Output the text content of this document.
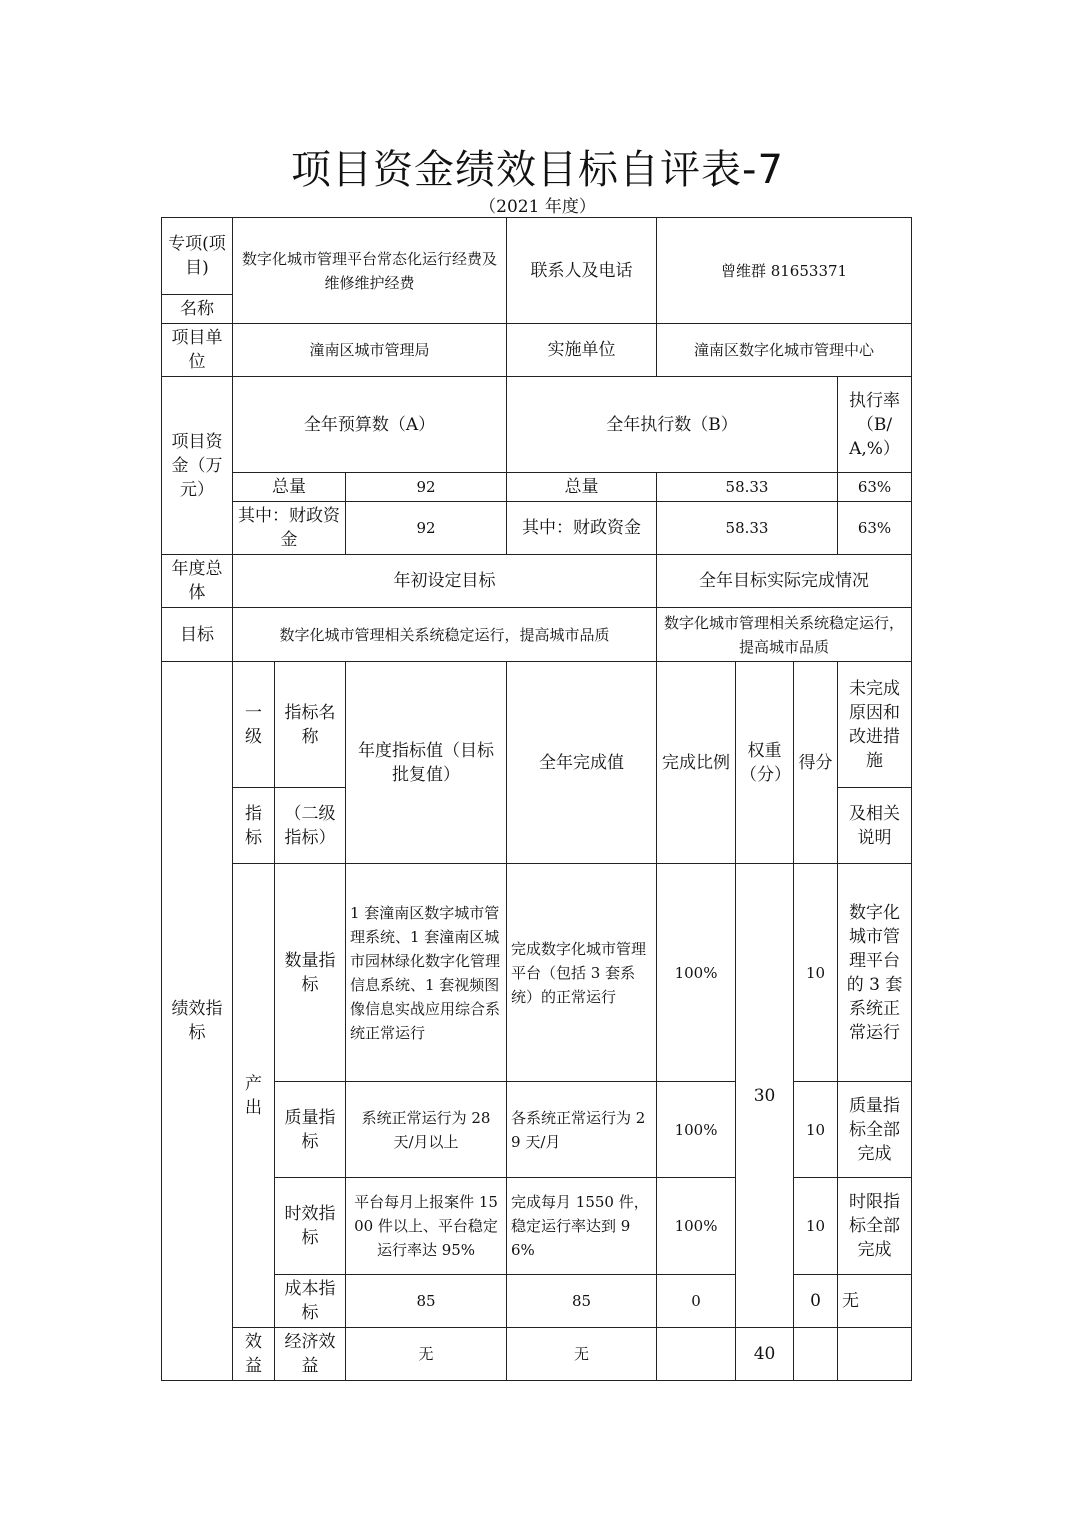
项目资金绩效目标自评表-7
（2021 年度）
专项(项目)	数字化城市管理平台常态化运行经费及维修维护经费			联系人及电话	曾维群 81653371			
名称								
项目单位	潼南区城市管理局			实施单位	潼南区数字化城市管理中心			
项目资金（万元）	全年预算数（A）			全年执行数（B）				执行率（B/A,%）
	总量		92	总量	58.33			63%
	其中：财政资金		92	其中：财政资金	58.33			63%
年度总体	年初设定目标				全年目标实际完成情况			
目标	数字化城市管理相关系统稳定运行，提高城市品质				数字化城市管理相关系统稳定运行，提高城市品质			
绩效指标	一级	指标名称	年度指标值（目标批复值）	全年完成值	完成比例	权重（分）	得分	未完成原因和改进措施
	指标	（二级指标）						及相关说明
	产出	数量指标	1 套潼南区数字城市管理系统、1 套潼南区城市园林绿化数字化管理信息系统、1 套视频图像信息实战应用综合系统正常运行	完成数字化城市管理平台（包括 3 套系统）的正常运行	100%	30	10	数字化城市管理平台的 3 套系统正常运行
		质量指标	系统正常运行为 28 天/月以上	各系统正常运行为 29 天/月	100%		10	质量指标全部完成
		时效指标	平台每月上报案件 1500 件以上、平台稳定运行率达 95%	完成每月 1550 件，稳定运行率达到 96%	100%		10	时限指标全部完成
		成本指标	85	85	0		0	无
	效益	经济效益	无	无		40		
